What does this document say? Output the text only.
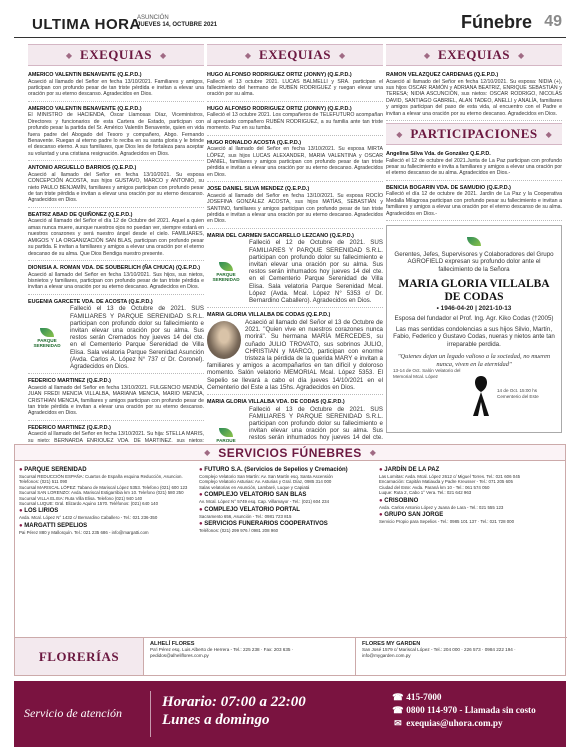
ULTIMA HORA
ASUNCIÓN
JUEVES 14, OCTUBRE 2021	Fúnebre 49
◆ EXEQUIAS ◆
AMERICO VALENTIN BENAVENTE (Q.E.P.D.)
Acaeció al llamado del Señor en fecha 13/10/2021. Familiares y amigos, participan con profundo pesar de tan triste pérdida e invitan a elevar una oración por su eterno descanso. Agradecidos en Dios.
AMERICO VALENTIN BENAVENTE (Q.E.P.D.)
El MINISTRO de HACIENDA, Óscar Llamosas Díaz, Viceministros, Directores y funcionarios de esta Cartera de Estado, participan con profundo pesar la partida del Sr. Américo Valentín Benavente, quien en vida fuera padre del Abogado del Tesoro y compañero, Abgo. Fernando Benavente. Ruegan al eterno padre lo reciba en su santa gloria y le brinde el descanso eterno. A sus familiares, que Dios les de fortaleza para aceptar su voluntad y una cristiana resignación. Agradecidos en Dios.
ANTONIO ARGUELLO BARRIOS (Q.E.P.D.)
Acaeció al llamado del Señor en fecha 13/10/2021. Su esposa CONCEPCIÓN ACOSTA, sus hijos GUSTAVO, MARCO y ANTONIO, su nieto PAULO BENJAMÍN, familiares y amigos participan con profundo pesar de tan triste pérdida e invitan a elevar una oración por su eterno descanso. Agradecidos en Dios.
BEATRIZ ABAD DE QUIÑONEZ (Q.E.P.D.)
Acaeció al llamado del Señor el día 12 de Octubre del 2021. Aquel a quien amas nunca muere, aunque nuestros ojos no puedan ver, siempre estará en nuestros corazones y será nuestro ángel desde el cielo. FAMILIARES, AMIGOS Y LA ORGANIZACIÓN SAN BLAS, participan con profundo pesar su partida. E invitan a familiares y amigos a elevar una oración por el eterno descanso de su alma. Que Dios Bendiga nuestro presente.
DIONISIA A. ROMAN VDA. DE SOUBERLICH (ÑA CHUCA) (Q.E.P.D.)
Acaeció al llamado del Señor en fecha 13/10/2021. Sus hijos, sus nietos, bisnietos y familiares, participan con profundo pesar de tan triste pérdida e invitan a elevar una oración por su eterno descanso. Agradecidos en Dios.
EUGENIA GARCETE VDA. DE ACOSTA (Q.E.P.D.)
PARQUE
SERENIDAD
Falleció el 13 de Octubre de 2021. SUS FAMILIARES Y PARQUE SERENIDAD S.R.L. participan con profundo dolor su fallecimiento e invitan elevar una oración por su alma. Sus restos serán Cremados hoy jueves 14 del cte. en el Cementerio Parque Serenidad de Villa Elisa. Sala velatoria Parque Serenidad Asunción (Avda. Carlos A. López N° 737 c/ Dr. Coronel). Agradecidos en Dios.
FEDERICO MARTINEZ (Q.E.P.D.)
Acaeció al llamado del Señor en fecha 13/10/2021. FULGENCIO MENDÍA, JUAN FREDI MENCIA VILLALBA, MARIANA MENCIA, MARIO MENCIA, CRISTHIAN MENCIA, familiares y amigos participan con profundo pesar de tan triste pérdida e invitan a elevar una oración por su eterno descanso. Agradecidos en Dios.
FEDERICO MARTINEZ (Q.E.P.D.)
Acaeció al llamado del Señor en fecha 13/10/2021. Su hija: STELLA MARIS, su nieto: BERNARDA ENRIQUEZ VDA. DE MARTINEZ, sus nietos:
◆ EXEQUIAS ◆
HUGO ALFONSO RODRIGUEZ ORTIZ (JONNY) (Q.E.P.D.)
Falleció el 13 octubre 2021. LUCAS BALMELLI y SRA. participan el fallecimiento del hermano de RUBÉN RODRIGUEZ y ruegan elevar una oración por su alma.
HUGO ALFONSO RODRIGUEZ ORTIZ (JONNY) (Q.E.P.D.)
Falleció el 13 octubre 2021. Los compañeros de TELEFUTURO acompañan al apreciado compañero RUBÉN RODRIGUEZ, a su familia ante tan triste momento. Paz en su tumba.
HUGO RONALDO ACOSTA (Q.E.P.D.)
Acaeció al llamado del Señor en fecha 13/10/2021. Su esposa MIRTA LÓPEZ, sus hijos LUCAS ALEXANDER, MARIA VALENTINA y OSCAR DANIEL, familiares y amigos participan con profundo pesar de tan triste pérdida e invitan a elevar una oración por su eterno descanso. Agradecidos en Dios.
JOSE DANIEL SILVA MENDEZ (Q.E.P.D.)
Acaeció al llamado del Señor en fecha 13/10/2021. Su esposa ROCÍO JOSEFINA GONZÁLEZ ACOSTA, sus hijos MATÍAS, SEBASTIÁN y SANTINO, familiares y amigos participan con profundo pesar de tan triste pérdida e invitan a elevar una oración por su eterno descanso. Agradecidos en Dios.
MARIA DEL CARMEN SACCARELLO LEZCANO (Q.E.P.D.)
PARQUE
SERENIDAD
Falleció el 12 de Octubre de 2021. SUS FAMILIARES Y PARQUE SERENIDAD S.R.L. participan con profundo dolor su fallecimiento e invitan elevar una oración por su alma. Sus restos serán inhumados hoy jueves 14 del cte. en el Cementerio Parque Serenidad de Villa Elisa. Sala velatoria Parque Serenidad Mcal. López (Avda. Mcal. López N° 5353 c/ Dr. Bernardino Caballero). Agradecidos en Dios.
MARIA GLORIA VILLALBA DE CODAS (Q.E.P.D.)
Acaeció al llamado del Señor el 13 de Octubre de 2021. "Quien vive en nuestros corazones nunca morirá". Su hermana MARÍA MERCEDES, su cuñado JULIO TROVATO, sus sobrinos JULIO, CHRISTIAN y MARCO, participan con enorme tristeza la pérdida de la querida MARY e invitan a familiares y amigos a acompañarlos en tan difícil y doloroso momento. Salón velatorio MEMORIAL Mcal. López 5353. El Sepelio se llevará a cabo el día jueves 14/10/2021 en el Cementerio del Este a las 15hs. Agradecidos en Dios.
MARIA GLORIA VILLALBA VDA. DE CODAS (Q.E.P.D.)
PARQUE

Falleció el 13 de Octubre de 2021. SUS FAMILIARES Y PARQUE SERENIDAD S.R.L. participan con profundo dolor su fallecimiento e invitan elevar una oración por su alma. Sus restos serán inhumados hoy jueves 14 del cte.

◆ EXEQUIAS ◆
RAMON VELAZQUEZ CARDENAS (Q.E.P.D.)
Acaeció al llamado del Señor en fecha 12/10/2021. Su esposa: NIDIA (+), sus hijos OSCAR RAMÓN y ADRIANA BEATRIZ, ENRIQUE SEBASTIÁN y TERESA; NIDIA ASCUNCIÓN, sus nietos: OSCAR RODRIGO, NICOLÁS DAVID, SANTIAGO GABRIEL, ALAN TADEO, ANELLI y ANALÍA, familiares y amigos participan del paso de esta vida, al encuentro con el Padre e invitan a elevar una oración por su eterno descanso. Agradecidos en Dios.
◆ PARTICIPACIONES ◆
Angelina Silva Vda. de González Q.E.P.D.
Falleció el 12 de octubre del 2021.Junta de La Paz participan con profundo pesar su fallecimiento e invita a familiares y amigos a elevar una oración por el eterno descanso de su alma. Agradecidos en Dios.-
BENICIA BOGARIN VDA. DE SAMUDIO (Q.E.P.D.)
Falleció el día 12 de octubre de 2021. Jardín de La Paz y la Cooperativa Medalla Milagrosa participan con profundo pesar su fallecimiento e invitan a familiares y amigos a elevar una oración por el eterno descanso de su alma. Agradecidos en Dios.-
Gerentes, Jefes, Supervisores y Colaboradores del Grupo AGROFIELD expresan su profundo dolor ante el fallecimiento de la Señora
MARIA GLORIA VILLALBA DE CODAS
• 1946-04-20 | 2021-10-13
Esposa del fundador el Prof. Ing. Agr. Kiko Codas (†2005)
Las mas sentidas condolencias a sus hijos Silvio, Martín, Fabio, Federico y Gustavo Codas, nueras y nietos ante tan irreparable perdida.
"Quienes dejan un legado valioso a la sociedad, no mueren nunca, viven en la eternidad"
13-14 de Oct. Salón Velatorio del Memorial Mcal. López
14 de Oct. 15:00 hs Cementerio del Este
◆ SERVICIOS FÚNEBRES ◆
● PARQUE SERENIDAD
Sucursal REDUCCIÓN ESPAÑA: Cuartos de España esquina Reducción, Asuncion. Telefonos: (021) 511 090
Sucursal MARISCAL LÓPEZ: Tabano de Mariscal López 5353. Telefono (021) 600 123
Sucursal SAN LORENZO: Avda. Mariscal Estigarribia km 10. Telefono (021) 580 250
Sucursal VILLA ELISA: Ruta Villa Elisa. Telefono (021) 940 140
Sucursal LUQUE: Gral. Elizardo Aquino 1570. Teléfonos: (021) 640 140
● LOS LIRIOS
Avda. Mcal. López N° 1432 c/ Bernardino Caballero - Tel.: 021 236-350
● MARGATTI SEPELIOS
Pai Pérez 880 y Mallorquín. Tel.: 021 235 686 - info@margatti.com
● FUTURO S.A. (Servicios de Sepelios y Cremación)
Complejo Velatorio San Martín: Av. San Martín esq. Santa Ascensión
Complejo Velatorio Asturias: Av. Asturias y Gral. Díaz, 0985 314 000
Salas velatorias en Asunción, Lambaré, Luque y Capiatá
● COMPLEJO VELATORIO SAN BLAS
Av. Mcal. López N° 5749 esq. Cap. Villamayor - Tel.: (021) 604 234
● COMPLEJO VELATORIO PORTAL
Sacramento 656, Asunción - Tel.: 0981 723 815
● SERVICIOS FUNERARIOS COOPERATIVOS
Teléfonos: (021) 299 976 / 0981 208 960
● JARDÍN DE LA PAZ
Las Lomitas: Avda. Mcal. López 2612 c/ Miguel Torres. Tel.: 021 606 045
Encarnación: Capitán Matiauda y Padre Kreusser - Tel.: 071 205 605
Ciudad del Este: Avda. Paraná km 10 - Tel.: 061 574 050
Luque: Ruta 2, Cabo 1° Vera. Tel.: 021 642 963
● CRISOBINO
Avda. Carlos Antonio López y Juana de Lara - Tel.: 021 555 123
● GRUPO SAN JORGE
Servicio Propio para Sepelios - Tel.: 0985 101 137 · Tel.: 021 728 000
FLORERÍAS
ALHELÍ FLORES
Pa'i Pérez esq. Luis Alberto de Herrera - Tel.: 225 238 · Fax: 203 635 · pedidos@alheliflores.com.py
FLORES MY GARDEN
San José 1579 c/ Mariscal López - Tel.: 204 000 · 226 573 · 0984 222 194 · info@mygarden.com.py
Servicio de atención
Horario: 07:00 a 22:00
Lunes a domingo
☎ 415-7000
☎ 0800 114-970 - Llamada sin costo
✉ exequias@uhora.com.py
